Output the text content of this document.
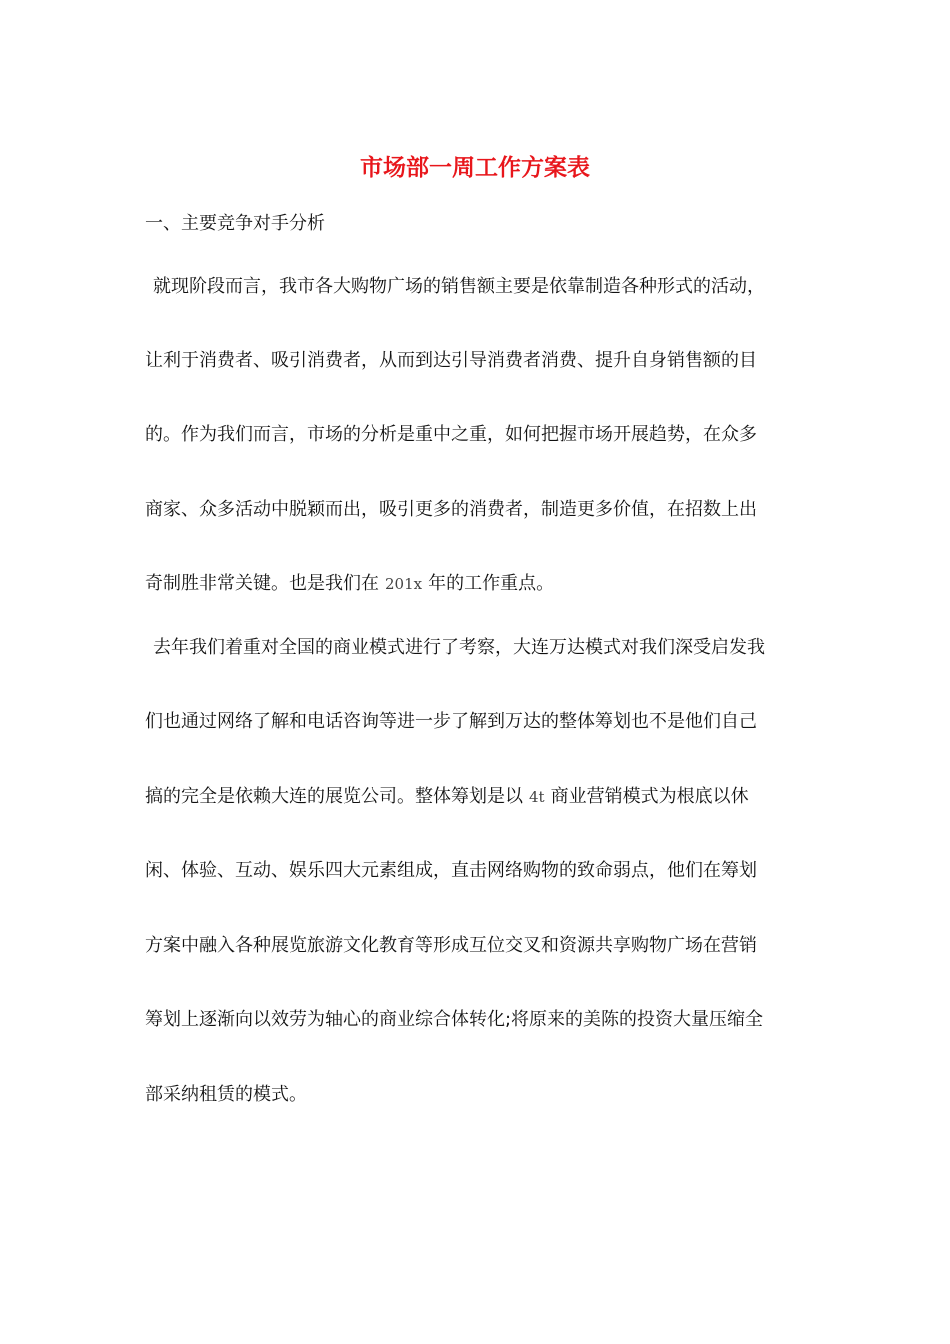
市场部一周工作方案表
一、主要竞争对手分析
就现阶段而言，我市各大购物广场的销售额主要是依靠制造各种形式的活动，
让利于消费者、吸引消费者，从而到达引导消费者消费、提升自身销售额的目
的。作为我们而言，市场的分析是重中之重，如何把握市场开展趋势，在众多
商家、众多活动中脱颖而出，吸引更多的消费者，制造更多价值，在招数上出
奇制胜非常关键。也是我们在 201x 年的工作重点。
去年我们着重对全国的商业模式进行了考察，大连万达模式对我们深受启发我
们也通过网络了解和电话咨询等进一步了解到万达的整体筹划也不是他们自己
搞的完全是依赖大连的展览公司。整体筹划是以 4t 商业营销模式为根底以休
闲、体验、互动、娱乐四大元素组成，直击网络购物的致命弱点，他们在筹划
方案中融入各种展览旅游文化教育等形成互位交叉和资源共享购物广场在营销
筹划上逐渐向以效劳为轴心的商业综合体转化;将原来的美陈的投资大量压缩全
部采纳租赁的模式。
